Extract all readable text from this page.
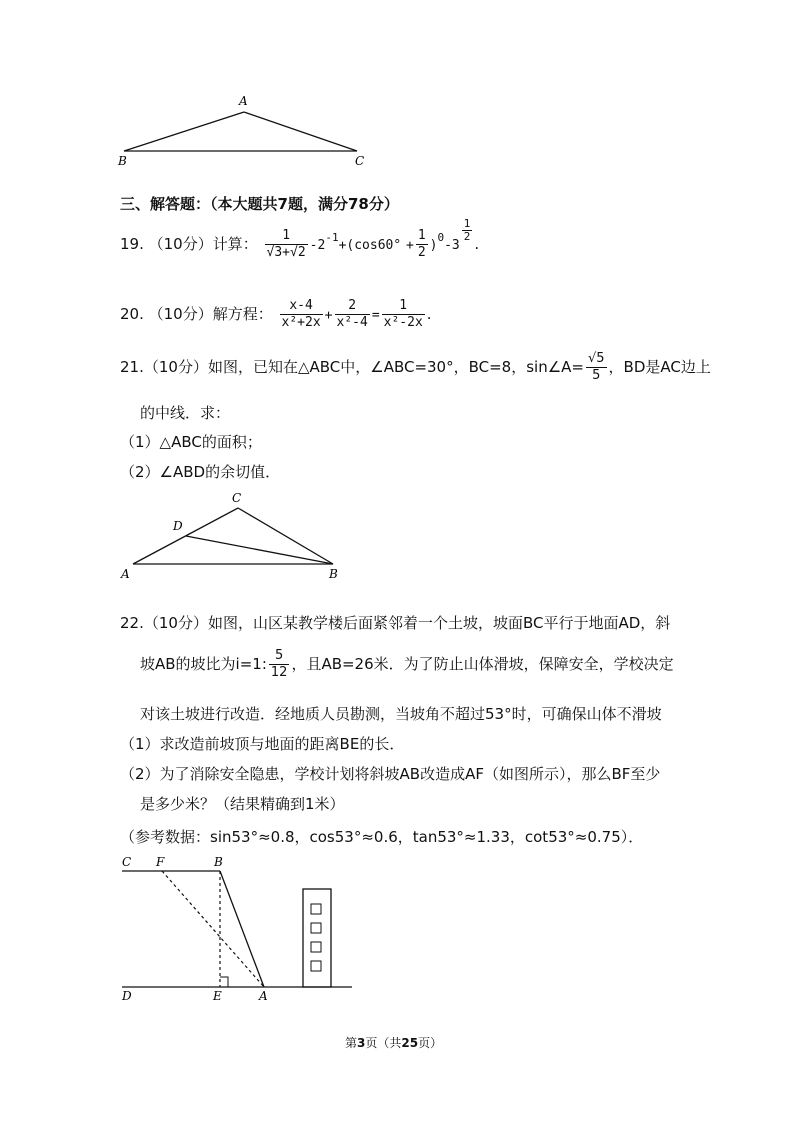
A
B	C
三、解答题：（本大题共7题，满分78分）
19. （10分）计算： $\frac{1}{√3+√2} -2^{-1}+(\cos 60^\circ + \frac{1}{2} )^0-3$
$\frac{1}{2}$
.
20. （10分）解方程： $\frac{x-4}{\text{x²+2x}} + \frac{2}{\text{x²-4}} = \frac{1}{\text{x²-2x}}$ .
21.（10分）如图，已知在△ABC中，∠ABC=30°，BC=8，sin∠A= $\frac{√5}{5}$ ，BD是AC边上
的中线．求：
（1）△ABC的面积；
（2）∠ABD的余切值．
C
D
A	B
22.（10分）如图，山区某教学楼后面紧邻着一个土坡，坡面BC平行于地面AD，斜
坡AB的坡比为i=1: $\frac{5}{12}$ ，且AB=26米．为了防止山体滑坡，保障安全，学校决定
对该土坡进行改造．经地质人员勘测，当坡角不超过53°时，可确保山体不滑坡
（1）求改造前坡顶与地面的距离BE的长．
（2）为了消除安全隐患，学校计划将斜坡AB改造成AF（如图所示），那么BF至少
是多少米？（结果精确到1米）
（参考数据：sin53°≈0.8，cos53°≈0.6，tan53°≈1.33，cot53°≈0.75）．
C F	B
D	E	A
第3页（共25页）
